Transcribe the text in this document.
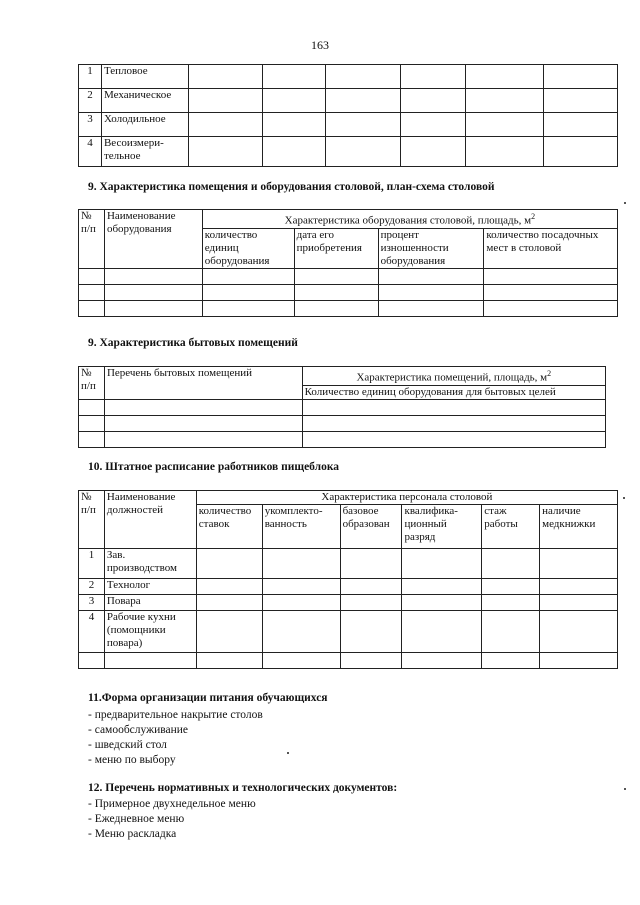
163
1	Тепловое						
2	Механическое						
3	Холодильное						
4	Весоизмери-тельное						
9. Характеристика помещения и оборудования столовой, план-схема столовой
№ п/п	Наименование оборудования	Характеристика оборудования столовой, площадь, $м^2$
		количество единиц оборудования	дата его приобретения	процент изношенности оборудования	количество посадочных мест в столовой

9. Характеристика бытовых помещений
№ п/п	Перечень бытовых помещений	Характеристика помещений, площадь, $м^2$
		Количество единиц оборудования для бытовых целей

10. Штатное расписание работников пищеблока
№ п/п	Наименование должностей	Характеристика персонала столовой					
		количество ставок	укомплекто-ванность	базовое образован	квалифика-ционный разряд	стаж работы	наличие медкнижки
1	Зав. производством						
2	Технолог						
3	Повара						
4	Рабочие кухни (помощники повара)						

11.Форма организации питания обучающихся
- предварительное накрытие столов
- самообслуживание
- шведский стол
- меню по выбору
12. Перечень нормативных и технологических документов:
- Примерное двухнедельное меню
- Ежедневное меню
- Меню раскладка
